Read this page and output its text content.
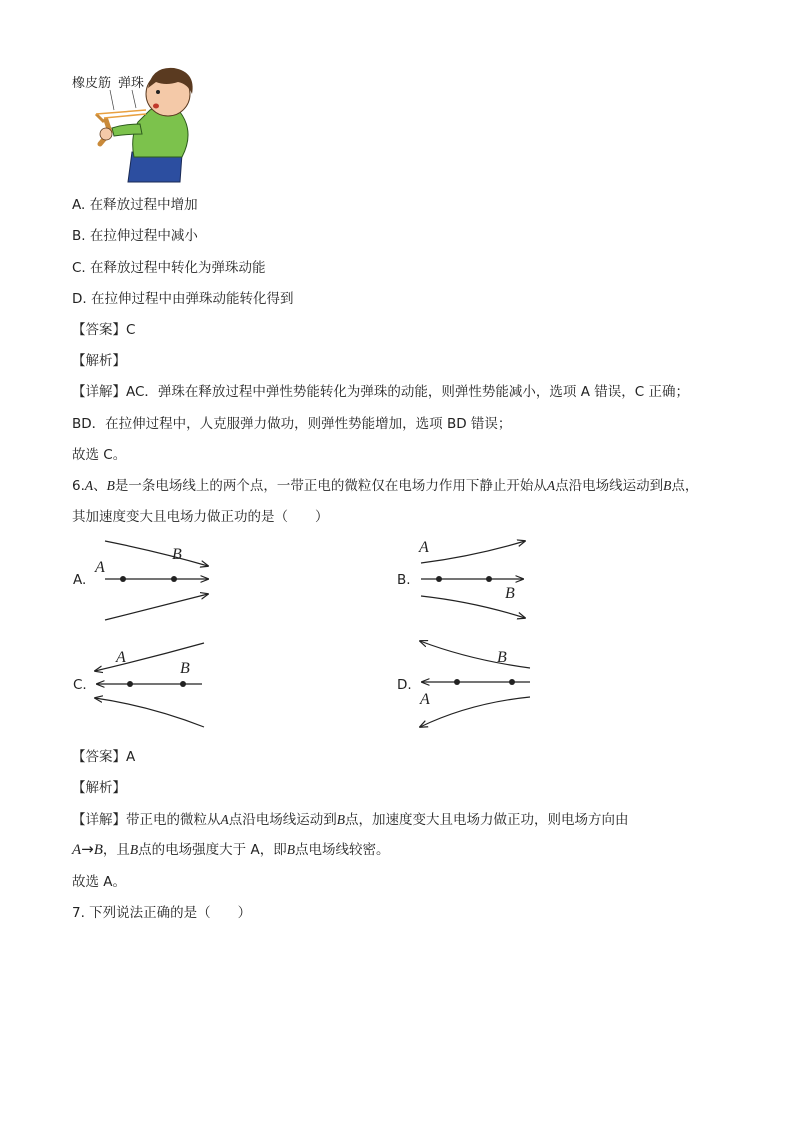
橡皮筋 弹珠
A. 在释放过程中增加
B. 在拉伸过程中减小
C. 在释放过程中转化为弹珠动能
D. 在拉伸过程中由弹珠动能转化得到
【答案】C
【解析】
【详解】AC．弹珠在释放过程中弹性势能转化为弹珠的动能，则弹性势能减小，选项 A 错误，C 正确；
BD．在拉伸过程中，人克服弹力做功，则弹性势能增加，选项 BD 错误；
故选 C。
6.A、B是一条电场线上的两个点，一带正电的微粒仅在电场力作用下静止开始从A点沿电场线运动到B点，
其加速度变大且电场力做正功的是（　　）
A.	B.
C.	D.
A
B	A
B
A
B
A
B
【答案】A
【解析】
【详解】带正电的微粒从A点沿电场线运动到B点，加速度变大且电场力做正功，则电场方向由
A→B，且B点的电场强度大于 A，即B点电场线较密。
故选 A。
7. 下列说法正确的是（　　）
